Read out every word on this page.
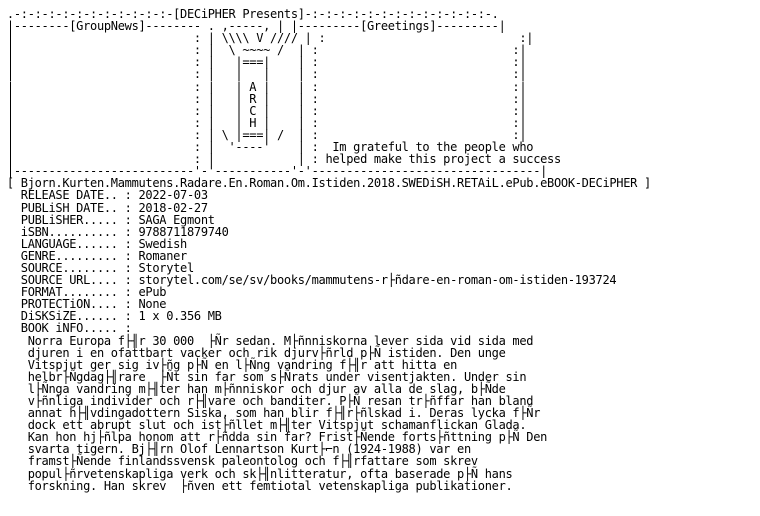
.-:-:-:-:-:-:-:-:-:-:-:-[DECiPHER Presents]-:-:-:-:-:-:-:-:-:-:-:-:-:-.
|--------[GroupNews]-------- . ,-----, | |---------[Greetings]---------|
|                          : | \\\\ V //// | :                            :|
|                          : |  \ ~~~~ /  | :                            :|
|                          : |   |===|    | :                            :|
|                          : |   |   |    | :                            :|
|                          : |   | A |    | :                            :|
|                          : |   | R |    | :                            :|
|                          : |   | C |    | :                            :|
|                          : |   | H |    | :                            :|
|                          : | \ |===| /  | :                            :|
|                          : |  '----'    | :  Im grateful to the people who
|                          : |            | : helped make this project a success
|--------------------------'-'-----------'-'---------------------------------|
[ Bjorn.Kurten.Mammutens.Radare.En.Roman.Om.Istiden.2018.SWEDiSH.RETAiL.ePub.eBOOK-DECiPHER ]
RELEASE DATE.. : 2022-07-03
PUBLiSH DATE.. : 2018-02-27
PUBLiSHER..... : SAGA Egmont
iSBN.......... : 9788711879740
LANGUAGE...... : Swedish
GENRE......... : Romaner
SOURCE........ : Storytel
SOURCE URL.... : storytel.com/se/sv/books/mammutens-r├ñdare-en-roman-om-istiden-193724
FORMAT........ : ePub
PROTECTiON.... : None
DiSKSiZE...... : 1 x 0.356 MB
BOOK iNFO..... :
Norra Europa f├╢r 30 000  ├Ñr sedan. M├ñnniskorna lever sida vid sida med
djuren i en ofattbart vacker och rik djurv├ñrld p├Ñ istiden. Den unge
Vitspjut ger sig iv├ñg p├Ñ en l├Ñng vandring f├╢r att hitta en
helbr├Ñgdag├╢rare  ├Ñt sin far som s├Ñrats under visentjakten. Under sin
l├Ñnga vandring m├╢ter han m├ñnniskor och djur av alla de slag, b├Ñde
v├ñnliga individer och r├╢vare och banditer. P├Ñ resan tr├ñffar han bland
annat h├╢vdingadottern Siska, som han blir f├╢r├ñlskad i. Deras lycka f├Ñr
dock ett abrupt slut och ist├ñllet m├╢ter Vitspjut schamanflickan Glada.
Kan hon hj├ñlpa honom att r├ñdda sin far? Frist├Ñende forts├ñttning p├Ñ Den
svarta tigern. Bj├╢rn Olof Lennartson Kurt├⌐n (1924-1988) var en
framst├Ñende finlandssvensk paleontolog och f├╢rfattare som skrev
popul├ñrvetenskapliga verk och sk├╢nlitteratur, ofta baserade p├Ñ hans
forskning. Han skrev  ├ñven ett femtiotal vetenskapliga publikationer.
